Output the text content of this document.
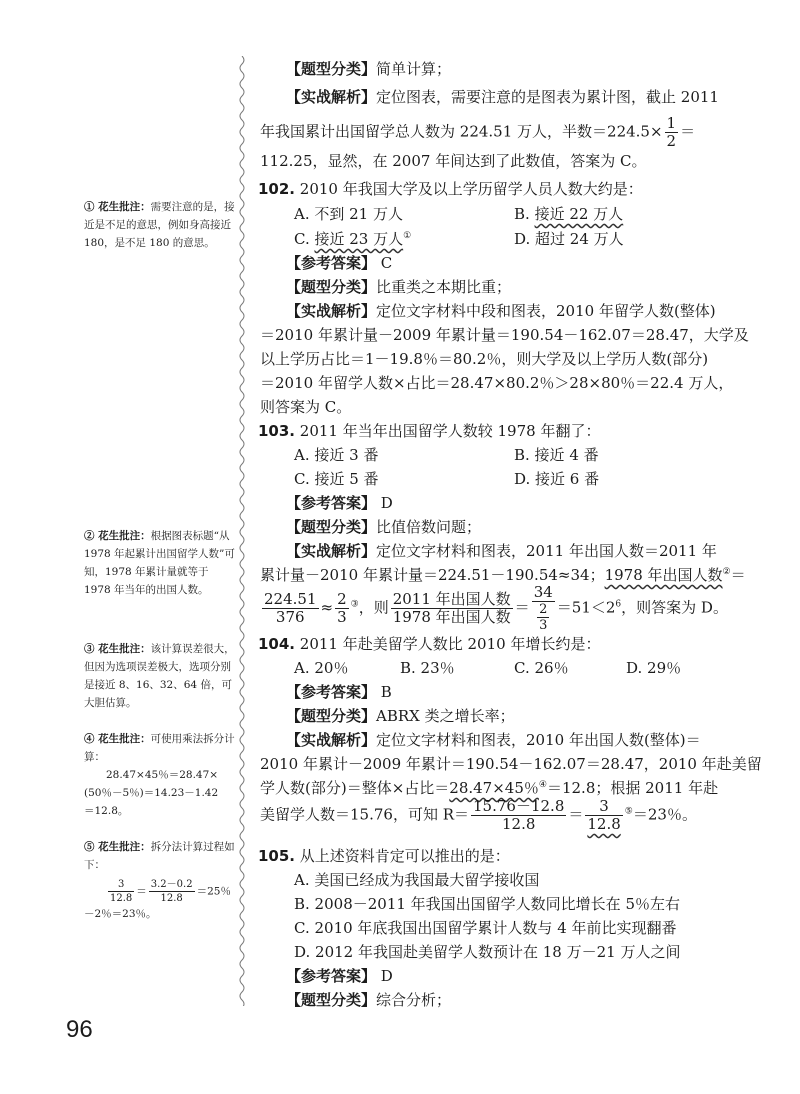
① 花生批注：需要注意的是，接近是不足的意思，例如身高接近 180，是不足 180 的意思。
② 花生批注：根据图表标题“从 1978 年起累计出国留学人数”可知，1978 年累计量就等于 1978 年当年的出国人数。
③ 花生批注：该计算误差很大，但因为选项误差极大，选项分别是接近 8、16、32、64 倍，可大胆估算。
④ 花生批注：可使用乘法拆分计算：
28.47×45％＝28.47×
(50％－5％)＝14.23－1.42
＝12.8。
⑤ 花生批注：拆分法计算过程如下：
$\frac{3}{12.8} = \frac{3.2-0.2}{12.8} =25$％
－2％＝23％。
【题型分类】简单计算；
【实战解析】定位图表，需要注意的是图表为累计图，截止 2011
年我国累计出国留学总人数为 224.51 万人，半数$=224.5\times \frac{1}{2}$ ＝
112.25，显然，在 2007 年间达到了此数值，答案为 C。
102. 2010 年我国大学及以上学历留学人员人数大约是：
A. 不到 21 万人	B. 接近 22 万人
C. 接近 23 万人①	D. 超过 24 万人
【参考答案】 C
【题型分类】比重类之本期比重；
【实战解析】定位文字材料中段和图表，2010 年留学人数(整体)
＝2010 年累计量－2009 年累计量＝190.54－162.07＝28.47，大学及
以上学历占比＝1－19.8％＝80.2％，则大学及以上学历人数(部分)
＝2010 年留学人数×占比＝28.47×80.2％＞28×80％＝22.4 万人，
则答案为 C。
103. 2011 年当年出国留学人数较 1978 年翻了：
A. 接近 3 番	B. 接近 4 番
C. 接近 5 番	D. 接近 6 番
【参考答案】 D
【题型分类】比值倍数问题；
【实战解析】定位文字材料和图表，2011 年出国人数＝2011 年
累计量－2010 年累计量＝224.51－190.54≈34；1978 年出国人数②＝
$\frac{224.51}{376} \approx \frac{2}{3} ^③$，则 2011 年出国人数
1978 年出国人数
＝ $\frac{34}{\frac{2}{3}} =51<2^6$，则答案为 D。
104. 2011 年赴美留学人数比 2010 年增长约是：
A. 20％	B. 23％	C. 26％	D. 29％
【参考答案】 B
【题型分类】ABRX 类之增长率；
【实战解析】定位文字材料和图表，2010 年出国人数(整体)＝
2010 年累计－2009 年累计＝190.54－162.07＝28.47，2010 年赴美留
学人数(部分)＝整体×占比＝28.47×45％④＝12.8；根据 2011 年赴
美留学人数＝15.76，可知 $R= \frac{15.76-12.8}{12.8} = \frac{3}{12.8} ^⑤=23$％。
105. 从上述资料肯定可以推出的是：
A. 美国已经成为我国最大留学接收国
B. 2008－2011 年我国出国留学人数同比增长在 5％左右
C. 2010 年底我国出国留学累计人数与 4 年前比实现翻番
D. 2012 年我国赴美留学人数预计在 18 万－21 万人之间
【参考答案】 D
【题型分类】综合分析；
96
